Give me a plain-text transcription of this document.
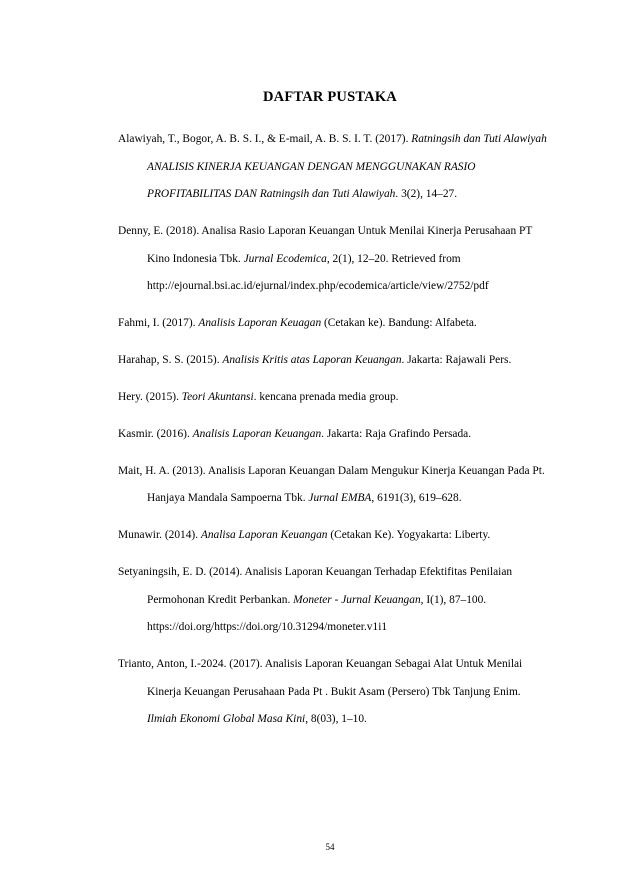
DAFTAR PUSTAKA

Alawiyah, T., Bogor, A. B. S. I., & E-mail, A. B. S. I. T. (2017). Ratningsih dan Tuti Alawiyah ANALISIS KINERJA KEUANGAN DENGAN MENGGUNAKAN RASIO PROFITABILITAS DAN Ratningsih dan Tuti Alawiyah. 3(2), 14–27.

Denny, E. (2018). Analisa Rasio Laporan Keuangan Untuk Menilai Kinerja Perusahaan PT Kino Indonesia Tbk. Jurnal Ecodemica, 2(1), 12–20. Retrieved from http://ejournal.bsi.ac.id/ejurnal/index.php/ecodemica/article/view/2752/pdf

Fahmi, I. (2017). Analisis Laporan Keuagan (Cetakan ke). Bandung: Alfabeta.

Harahap, S. S. (2015). Analisis Kritis atas Laporan Keuangan. Jakarta: Rajawali Pers.

Hery. (2015). Teori Akuntansi. kencana prenada media group.

Kasmir. (2016). Analisis Laporan Keuangan. Jakarta: Raja Grafindo Persada.

Mait, H. A. (2013). Analisis Laporan Keuangan Dalam Mengukur Kinerja Keuangan Pada Pt. Hanjaya Mandala Sampoerna Tbk. Jurnal EMBA, 6191(3), 619–628.

Munawir. (2014). Analisa Laporan Keuangan (Cetakan Ke). Yogyakarta: Liberty.

Setyaningsih, E. D. (2014). Analisis Laporan Keuangan Terhadap Efektifitas Penilaian Permohonan Kredit Perbankan. Moneter - Jurnal Keuangan, I(1), 87–100. https://doi.org/https://doi.org/10.31294/moneter.v1i1

Trianto, Anton, I.-2024. (2017). Analisis Laporan Keuangan Sebagai Alat Untuk Menilai Kinerja Keuangan Perusahaan Pada Pt . Bukit Asam (Persero) Tbk Tanjung Enim. Ilmiah Ekonomi Global Masa Kini, 8(03), 1–10.

54
